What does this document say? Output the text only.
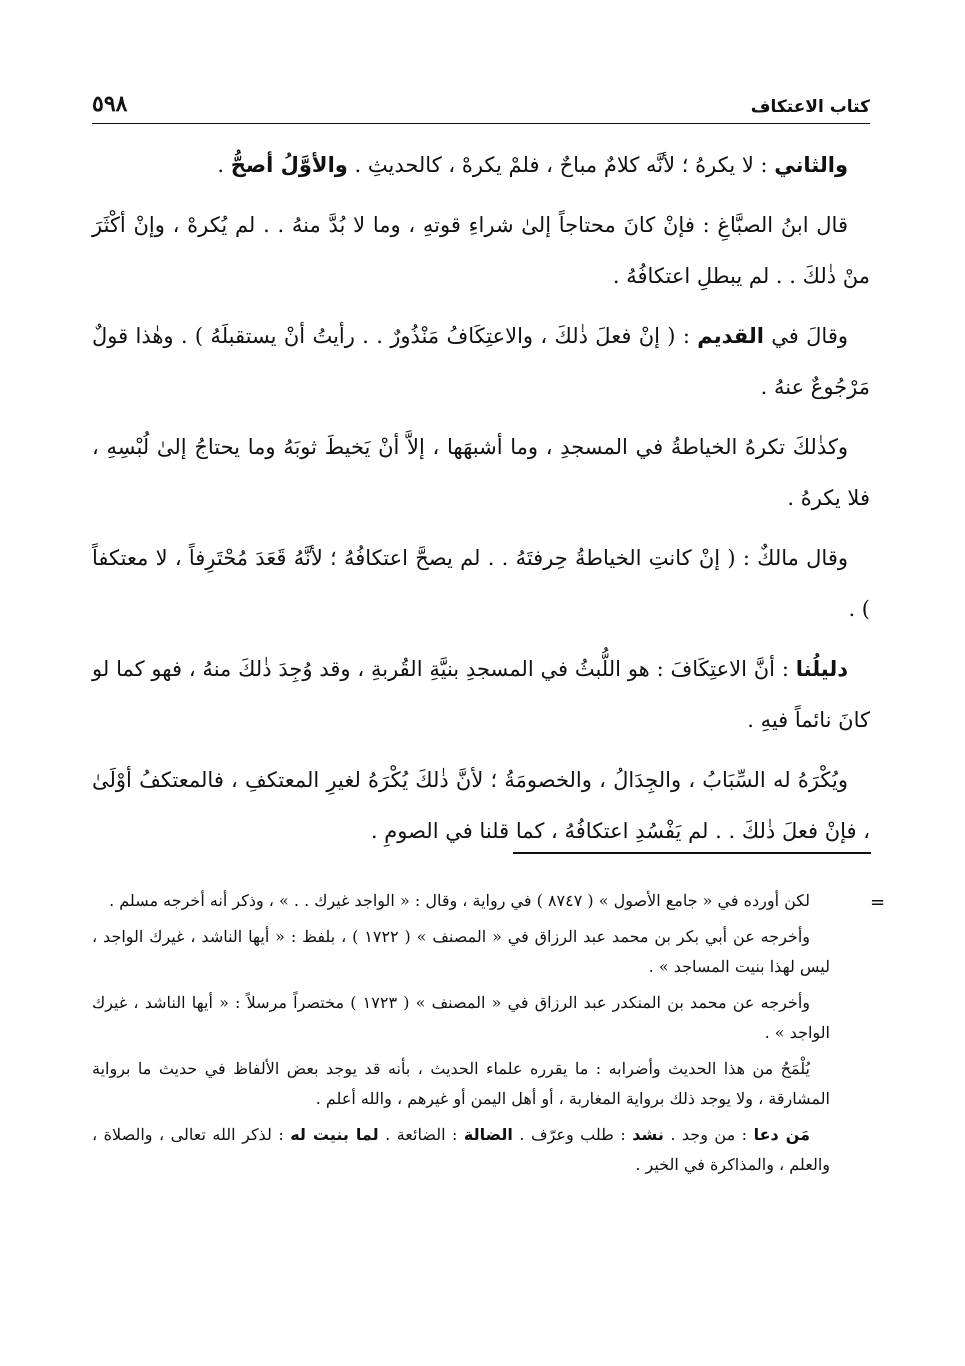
٥٩٨	كتاب الاعتكاف

والثاني : لا يكرهُ ؛ لأنَّه كلامٌ مباحٌ ، فلمْ يكرهْ ، كالحديثِ . والأوَّلُ أصحُّ .

قال ابنُ الصبَّاغِ : فإنْ كانَ محتاجاً إلىٰ شراءِ قوتهِ ، وما لا بُدَّ منهُ . . لم يُكرهْ ، وإنْ أكْثَرَ منْ ذٰلكَ . . لم يبطلِ اعتكافُهُ .

وقالَ في القديم : ( إنْ فعلَ ذٰلكَ ، والاعتِكَافُ مَنْذُورٌ . . رأيتُ أنْ يستقبلَهُ ) . وهٰذا قولٌ مَرْجُوعٌ عنهُ .

وكذٰلكَ تكرهُ الخياطةُ في المسجدِ ، وما أشبهَها ، إلاَّ أنْ يَخيطَ ثوبَهُ وما يحتاجُ إلىٰ لُبْسِهِ ، فلا يكرهُ .

وقال مالكٌ : ( إنْ كانتِ الخياطةُ حِرفتَهُ . . لم يصحَّ اعتكافُهُ ؛ لأنَّهُ قَعَدَ مُحْتَرِفاً ، لا معتكفاً ) .

دليلُنا : أنَّ الاعتِكَافَ : هو اللُّبثُ في المسجدِ بنيَّةِ القُربةِ ، وقد وُجِدَ ذٰلكَ منهُ ، فهو كما لو كانَ نائماً فيهِ .

ويُكْرَهُ له السِّبَابُ ، والجِدَالُ ، والخصومَةُ ؛ لأنَّ ذٰلكَ يُكْرَهُ لغيرِ المعتكفِ ، فالمعتكفُ أوْلَىٰ ، فإنْ فعلَ ذٰلكَ . . لم يَفْسُدِ اعتكافُهُ ، كما قلنا في الصومِ .

=

لكن أورده في « جامع الأصول » ( ٨٧٤٧ ) في رواية ، وقال : « الواجد غيرك . . » ، وذكر أنه أخرجه مسلم .

وأخرجه عن أبي بكر بن محمد عبد الرزاق في « المصنف » ( ١٧٢٢ ) ، بلفظ : « أيها الناشد ، غيرك الواجد ، ليس لهذا بنيت المساجد » .

وأخرجه عن محمد بن المنكدر عبد الرزاق في « المصنف » ( ١٧٢٣ ) مختصراً مرسلاً : « أيها الناشد ، غيرك الواجد » .

يُلْمَحُ من هذا الحديث وأضرابه : ما يقرره علماء الحديث ، بأنه قد يوجد بعض الألفاظ في حديث ما برواية المشارقة ، ولا يوجد ذلك برواية المغاربة ، أو أهل اليمن أو غيرهم ، والله أعلم .

مَن دعا : من وجد . نشد : طلب وعرّف . الضالة : الضائعة . لما بنيت له : لذكر الله تعالى ، والصلاة ، والعلم ، والمذاكرة في الخير .
